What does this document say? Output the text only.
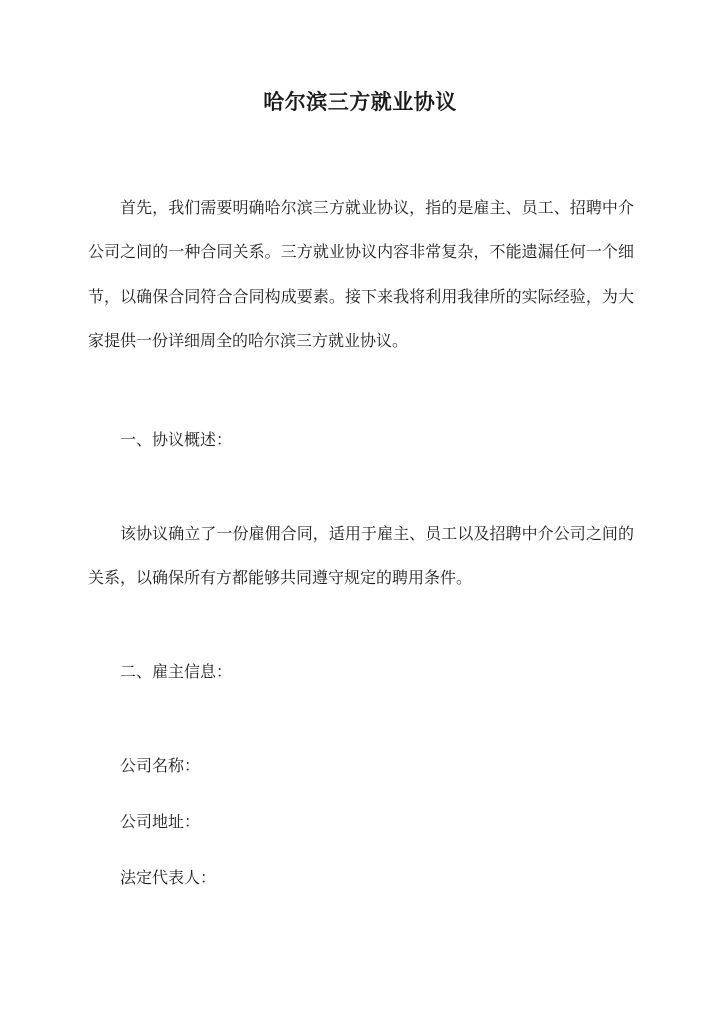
哈尔滨三方就业协议

首先，我们需要明确哈尔滨三方就业协议，指的是雇主、员工、招聘中介公司之间的一种合同关系。三方就业协议内容非常复杂，不能遗漏任何一个细节，以确保合同符合合同构成要素。接下来我将利用我律所的实际经验，为大家提供一份详细周全的哈尔滨三方就业协议。

一、协议概述：

该协议确立了一份雇佣合同，适用于雇主、员工以及招聘中介公司之间的关系，以确保所有方都能够共同遵守规定的聘用条件。

二、雇主信息：

公司名称：

公司地址：

法定代表人：
